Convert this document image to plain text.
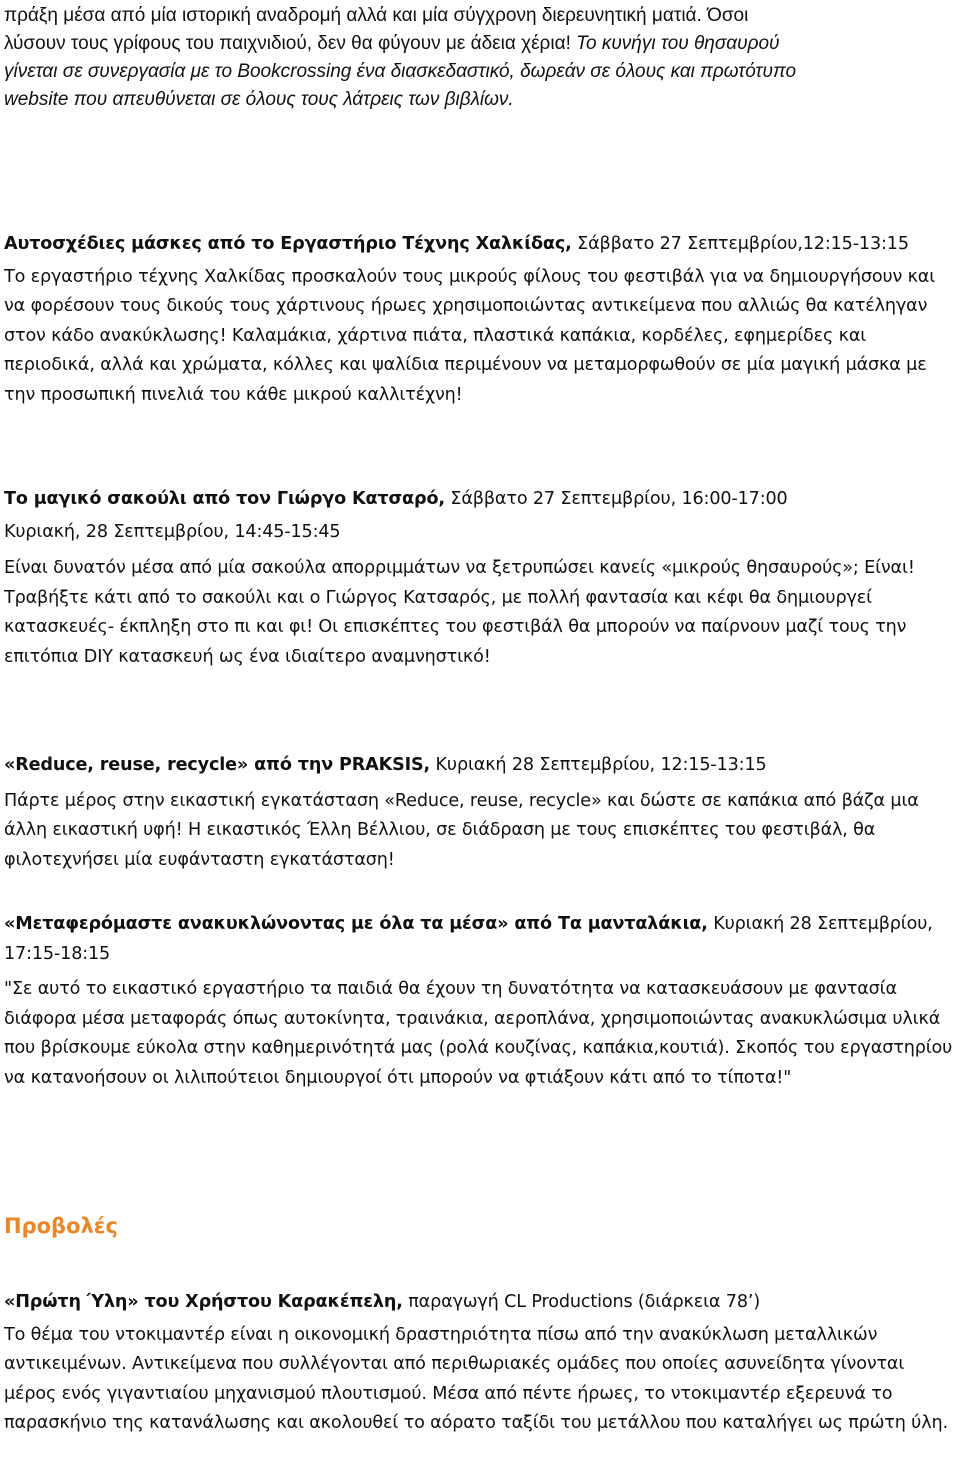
πράξη μέσα από μία ιστορική αναδρομή αλλά και μία σύγχρονη διερευνητική ματιά. Όσοι
λύσουν τους γρίφους του παιχνιδιού, δεν θα φύγουν με άδεια χέρια! Το κυνήγι του θησαυρού
γίνεται σε συνεργασία με το Bookcrossing ένα διασκεδαστικό, δωρεάν σε όλους και πρωτότυπο
website που απευθύνεται σε όλους τους λάτρεις των βιβλίων.
Αυτοσχέδιες μάσκες από το Εργαστήριο Τέχνης Χαλκίδας, Σάββατο 27 Σεπτεμβρίου,12:15-13:15
Το εργαστήριο τέχνης Χαλκίδας προσκαλούν τους μικρούς φίλους του φεστιβάλ για να δημιουργήσουν και να φορέσουν τους δικούς τους χάρτινους ήρωες χρησιμοποιώντας αντικείμενα που αλλιώς θα κατέληγαν στον κάδο ανακύκλωσης! Καλαμάκια, χάρτινα πιάτα, πλαστικά καπάκια, κορδέλες, εφημερίδες και περιοδικά, αλλά και χρώματα, κόλλες και ψαλίδια περιμένουν να μεταμορφωθούν σε μία μαγική μάσκα με την προσωπική πινελιά του κάθε μικρού καλλιτέχνη!
Το μαγικό σακούλι από τον Γιώργο Κατσαρό, Σάββατο 27 Σεπτεμβρίου, 16:00-17:00
Κυριακή, 28 Σεπτεμβρίου, 14:45-15:45
Είναι δυνατόν μέσα από μία σακούλα απορριμμάτων να ξετρυπώσει κανείς «μικρούς θησαυρούς»; Είναι! Τραβήξτε κάτι από το σακούλι και ο Γιώργος Κατσαρός, με πολλή φαντασία και κέφι θα δημιουργεί κατασκευές- έκπληξη στο πι και φι! Οι επισκέπτες του φεστιβάλ θα μπορούν να παίρνουν μαζί τους την επιτόπια DIY κατασκευή ως ένα ιδιαίτερο αναμνηστικό!
«Reduce, reuse, recycle» από την PRAKSIS, Κυριακή 28 Σεπτεμβρίου, 12:15-13:15
Πάρτε μέρος στην εικαστική εγκατάσταση «Reduce, reuse, recycle» και δώστε σε καπάκια από βάζα μια άλλη εικαστική υφή! Η εικαστικός Έλλη Βέλλιου, σε διάδραση με τους επισκέπτες του φεστιβάλ, θα φιλοτεχνήσει μία ευφάνταστη εγκατάσταση!
«Μεταφερόμαστε ανακυκλώνοντας με όλα τα μέσα» από Τα μανταλάκια, Κυριακή 28 Σεπτεμβρίου, 17:15-18:15
"Σε αυτό το εικαστικό εργαστήριο τα παιδιά θα έχουν τη δυνατότητα να κατασκευάσουν με φαντασία διάφορα μέσα μεταφοράς όπως αυτοκίνητα, τραινάκια, αεροπλάνα, χρησιμοποιώντας ανακυκλώσιμα υλικά που βρίσκουμε εύκολα στην καθημερινότητά μας (ρολά κουζίνας, καπάκια,κουτιά). Σκοπός του εργαστηρίου να κατανοήσουν οι λιλιπούτειοι δημιουργοί ότι μπορούν να φτιάξουν κάτι από το τίποτα!"
Προβολές
«Πρώτη Ύλη» του Χρήστου Καρακέπελη, παραγωγή CL Productions (διάρκεια 78’)
Το θέμα του ντοκιμαντέρ είναι η οικονομική δραστηριότητα πίσω από την ανακύκλωση μεταλλικών αντικειμένων. Αντικείμενα που συλλέγονται από περιθωριακές ομάδες που οποίες ασυνείδητα γίνονται μέρος ενός γιγαντιαίου μηχανισμού πλουτισμού. Μέσα από πέντε ήρωες, το ντοκιμαντέρ εξερευνά το παρασκήνιο της κατανάλωσης και ακολουθεί το αόρατο ταξίδι του μετάλλου που καταλήγει ως πρώτη ύλη.
